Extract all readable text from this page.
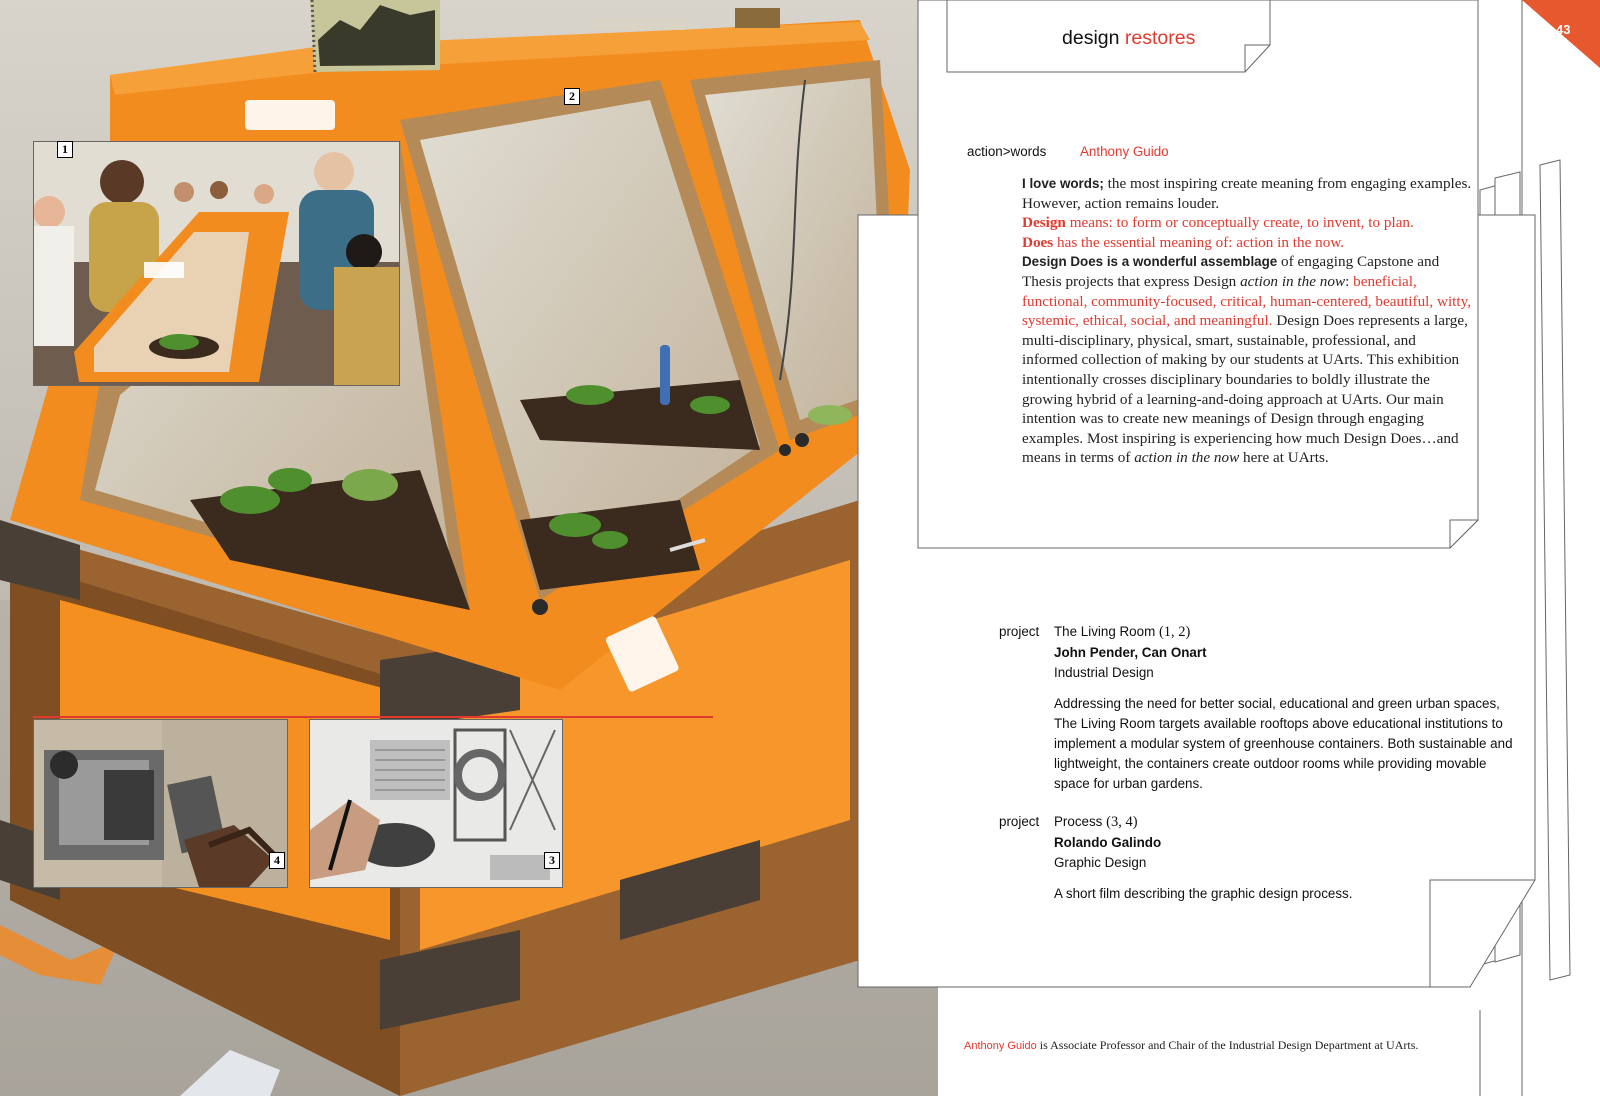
1
2
3
4
43
design restores
action>words	Anthony Guido

I love words; the most inspiring create meaning from engaging examples. However, action remains louder.

Design means: to form or conceptually create, to invent, to plan.

Does has the essential meaning of: action in the now.

Design Does is a wonderful assemblage of engaging Capstone and Thesis projects that express Design action in the now: beneficial, functional, community-focused, critical, human-centered, beautiful, witty, systemic, ethical, social, and meaningful. Design Does represents a large, multi-disciplinary, physical, smart, sustainable, professional, and informed collection of making by our students at UArts. This exhibition intentionally crosses disciplinary boundaries to boldly illustrate the growing hybrid of a learning-and-doing approach at UArts. Our main intention was to create new meanings of Design through engaging examples. Most inspiring is experiencing how much Design Does…and means in terms of action in the now here at UArts.

project The Living Room (1, 2)

John Pender, Can Onart

Industrial Design

Addressing the need for better social, educational and green urban spaces, The Living Room targets available rooftops above educational institutions to implement a modular system of greenhouse containers. Both sustainable and lightweight, the containers create outdoor rooms while providing movable space for urban gardens.

project Process (3, 4)

Rolando Galindo

Graphic Design

A short film describing the graphic design process.

Anthony Guido is Associate Professor and Chair of the Industrial Design Department at UArts.
